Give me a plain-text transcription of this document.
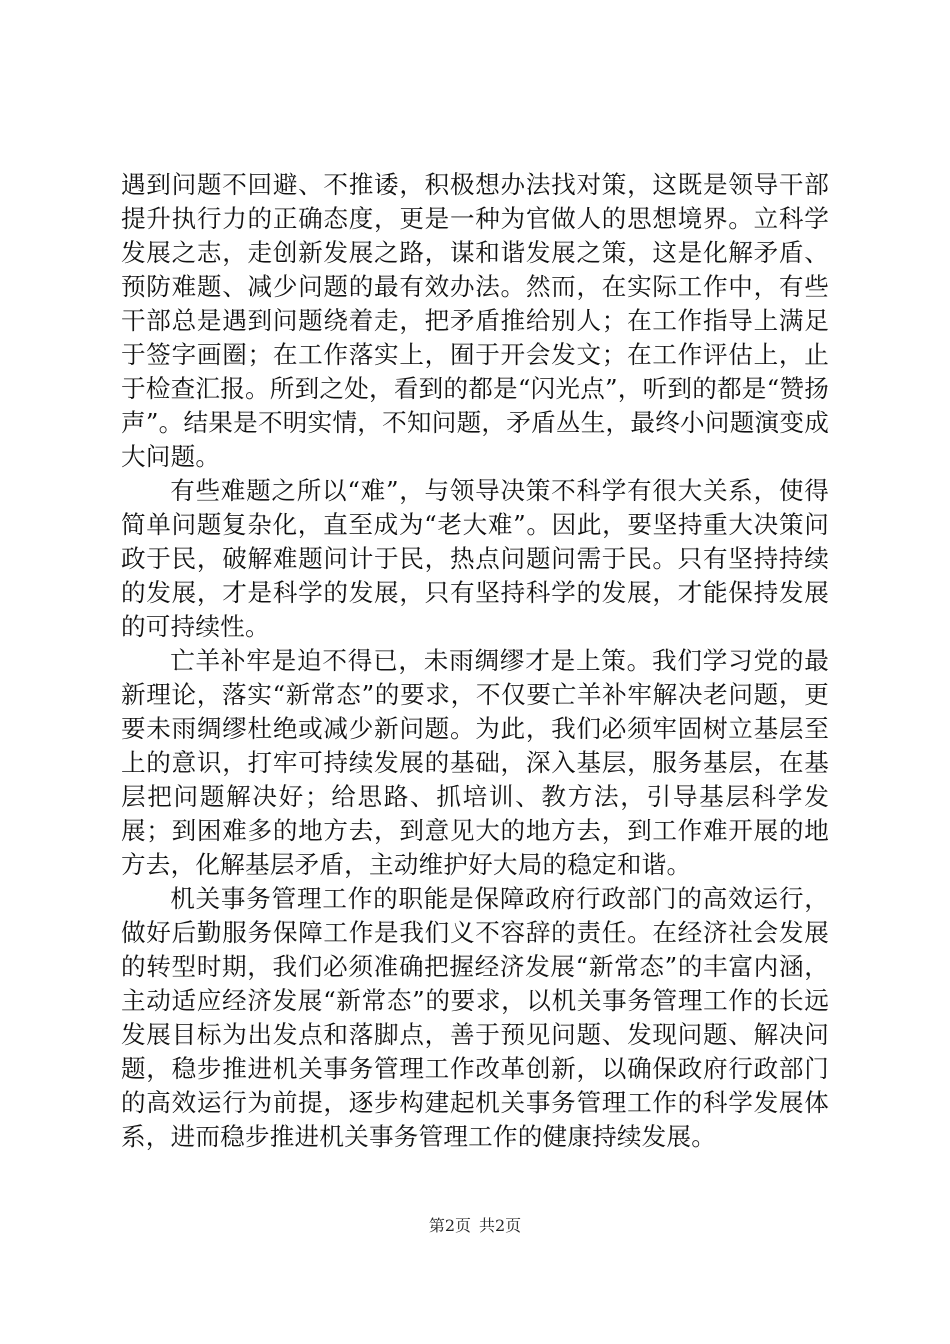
遇到问题不回避、不推诿，积极想办法找对策，这既是领导干部提升执行力的正确态度，更是一种为官做人的思想境界。立科学发展之志，走创新发展之路，谋和谐发展之策，这是化解矛盾、预防难题、减少问题的最有效办法。然而，在实际工作中，有些干部总是遇到问题绕着走，把矛盾推给别人；在工作指导上满足于签字画圈；在工作落实上，囿于开会发文；在工作评估上，止于检查汇报。所到之处，看到的都是“闪光点”，听到的都是“赞扬声”。结果是不明实情，不知问题，矛盾丛生，最终小问题演变成大问题。

有些难题之所以“难”，与领导决策不科学有很大关系，使得简单问题复杂化，直至成为“老大难”。因此，要坚持重大决策问政于民，破解难题问计于民，热点问题问需于民。只有坚持持续的发展，才是科学的发展，只有坚持科学的发展，才能保持发展的可持续性。

亡羊补牢是迫不得已，未雨绸缪才是上策。我们学习党的最新理论，落实“新常态”的要求，不仅要亡羊补牢解决老问题，更要未雨绸缪杜绝或减少新问题。为此，我们必须牢固树立基层至上的意识，打牢可持续发展的基础，深入基层，服务基层，在基层把问题解决好；给思路、抓培训、教方法，引导基层科学发展；到困难多的地方去，到意见大的地方去，到工作难开展的地方去，化解基层矛盾，主动维护好大局的稳定和谐。

机关事务管理工作的职能是保障政府行政部门的高效运行，做好后勤服务保障工作是我们义不容辞的责任。在经济社会发展的转型时期，我们必须准确把握经济发展“新常态”的丰富内涵，主动适应经济发展“新常态”的要求，以机关事务管理工作的长远发展目标为出发点和落脚点，善于预见问题、发现问题、解决问题，稳步推进机关事务管理工作改革创新，以确保政府行政部门的高效运行为前提，逐步构建起机关事务管理工作的科学发展体系，进而稳步推进机关事务管理工作的健康持续发展。

第2页 共2页
